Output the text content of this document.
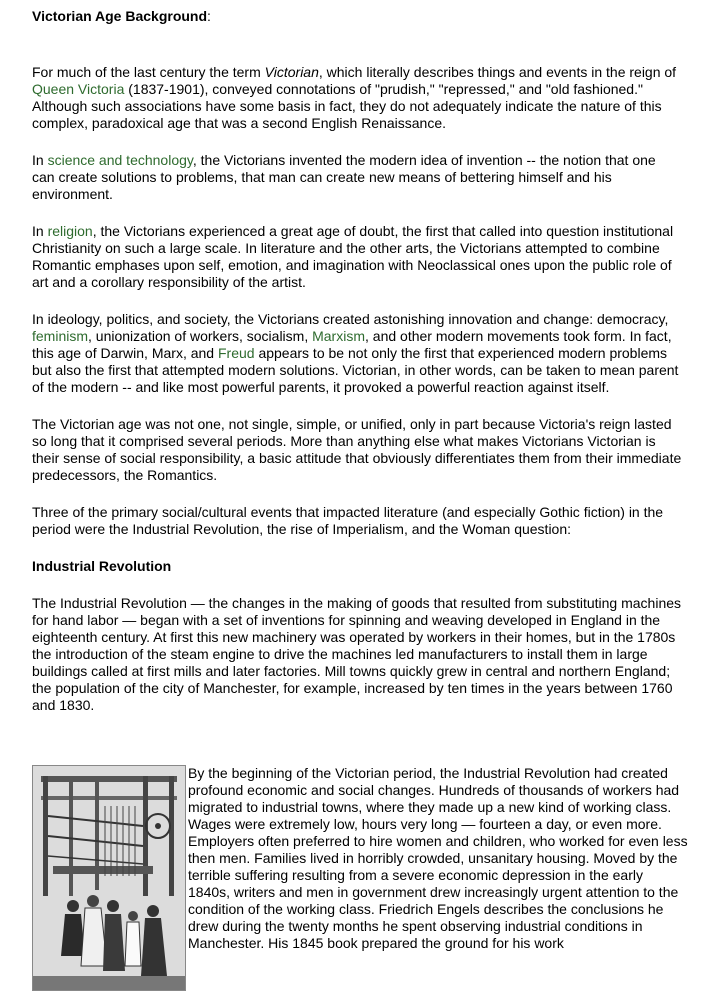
Victorian Age Background:

For much of the last century the term Victorian, which literally describes things and events in the reign of Queen Victoria (1837-1901), conveyed connotations of "prudish," "repressed," and "old fashioned." Although such associations have some basis in fact, they do not adequately indicate the nature of this complex, paradoxical age that was a second English Renaissance.

In science and technology, the Victorians invented the modern idea of invention -- the notion that one can create solutions to problems, that man can create new means of bettering himself and his environment.

In religion, the Victorians experienced a great age of doubt, the first that called into question institutional Christianity on such a large scale. In literature and the other arts, the Victorians attempted to combine Romantic emphases upon self, emotion, and imagination with Neoclassical ones upon the public role of art and a corollary responsibility of the artist.

In ideology, politics, and society, the Victorians created astonishing innovation and change: democracy, feminism, unionization of workers, socialism, Marxism, and other modern movements took form. In fact, this age of Darwin, Marx, and Freud appears to be not only the first that experienced modern problems but also the first that attempted modern solutions. Victorian, in other words, can be taken to mean parent of the modern -- and like most powerful parents, it provoked a powerful reaction against itself.

The Victorian age was not one, not single, simple, or unified, only in part because Victoria's reign lasted so long that it comprised several periods. More than anything else what makes Victorians Victorian is their sense of social responsibility, a basic attitude that obviously differentiates them from their immediate predecessors, the Romantics.

Three of the primary social/cultural events that impacted literature (and especially Gothic fiction) in the period were the Industrial Revolution, the rise of Imperialism, and the Woman question:

Industrial Revolution

The Industrial Revolution — the changes in the making of goods that resulted from substituting machines for hand labor — began with a set of inventions for spinning and weaving developed in England in the eighteenth century. At first this new machinery was operated by workers in their homes, but in the 1780s the introduction of the steam engine to drive the machines led manufacturers to install them in large buildings called at first mills and later factories. Mill towns quickly grew in central and northern England; the population of the city of Manchester, for example, increased by ten times in the years between 1760 and 1830.

By the beginning of the Victorian period, the Industrial Revolution had created profound economic and social changes. Hundreds of thousands of workers had migrated to industrial towns, where they made up a new kind of working class. Wages were extremely low, hours very long — fourteen a day, or even more. Employers often preferred to hire women and children, who worked for even less then men. Families lived in horribly crowded, unsanitary housing. Moved by the terrible suffering resulting from a severe economic depression in the early 1840s, writers and men in government drew increasingly urgent attention to the condition of the working class. Friedrich Engels describes the conclusions he drew during the twenty months he spent observing industrial conditions in Manchester. His 1845 book prepared the ground for his work
